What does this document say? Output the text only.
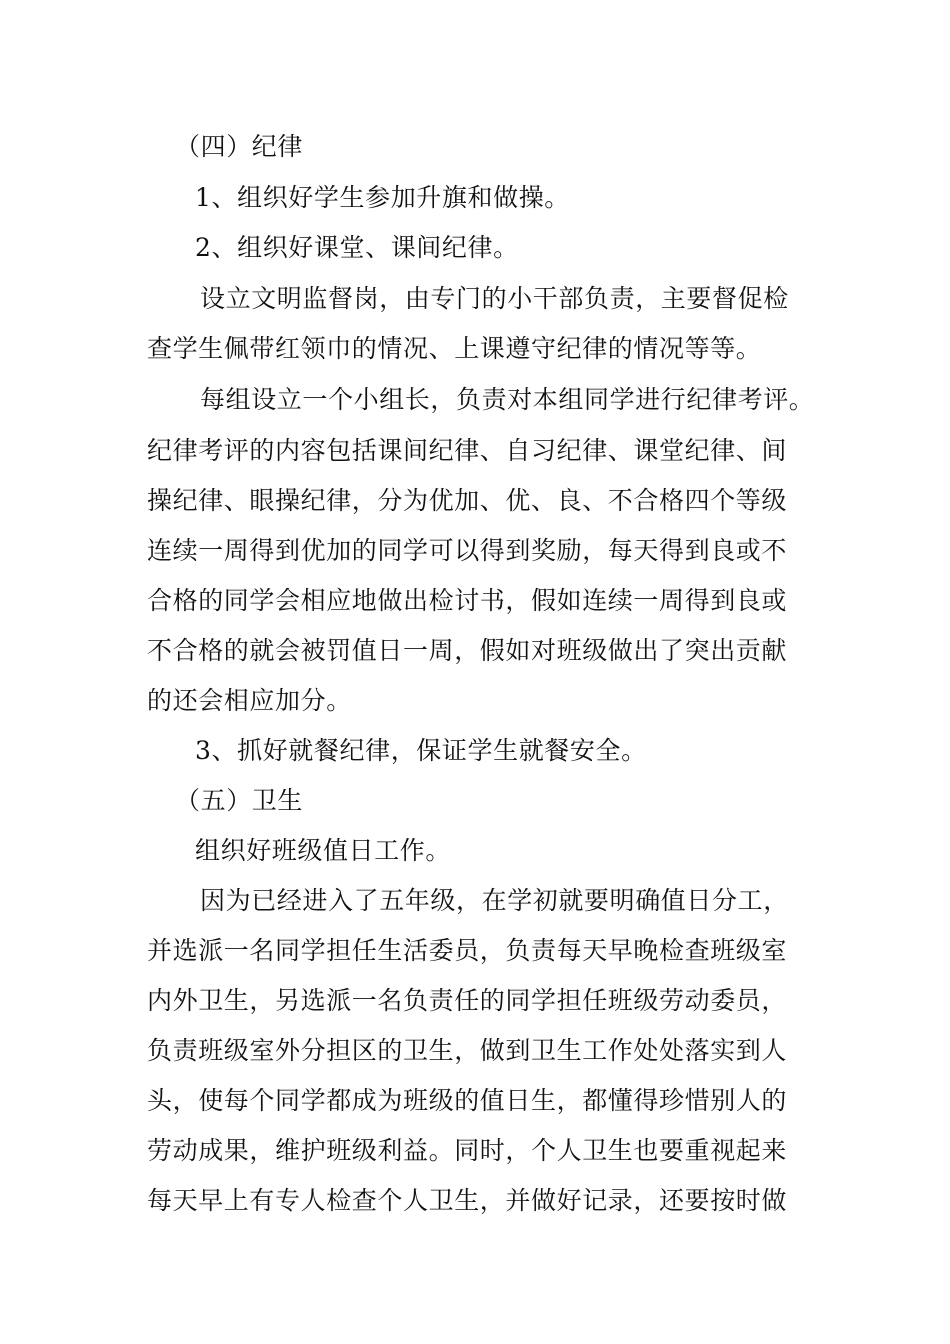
（四）纪律
1、组织好学生参加升旗和做操。
2、组织好课堂、课间纪律。
设立文明监督岗，由专门的小干部负责，主要督促检
查学生佩带红领巾的情况、上课遵守纪律的情况等等。
每组设立一个小组长，负责对本组同学进行纪律考评。
纪律考评的内容包括课间纪律、自习纪律、课堂纪律、间
操纪律、眼操纪律，分为优加、优、良、不合格四个等级
连续一周得到优加的同学可以得到奖励，每天得到良或不
合格的同学会相应地做出检讨书，假如连续一周得到良或
不合格的就会被罚值日一周，假如对班级做出了突出贡献
的还会相应加分。
3、抓好就餐纪律，保证学生就餐安全。
（五）卫生
组织好班级值日工作。
因为已经进入了五年级，在学初就要明确值日分工，
并选派一名同学担任生活委员，负责每天早晚检查班级室
内外卫生，另选派一名负责任的同学担任班级劳动委员，
负责班级室外分担区的卫生，做到卫生工作处处落实到人
头，使每个同学都成为班级的值日生，都懂得珍惜别人的
劳动成果，维护班级利益。同时，个人卫生也要重视起来
每天早上有专人检查个人卫生，并做好记录，还要按时做
